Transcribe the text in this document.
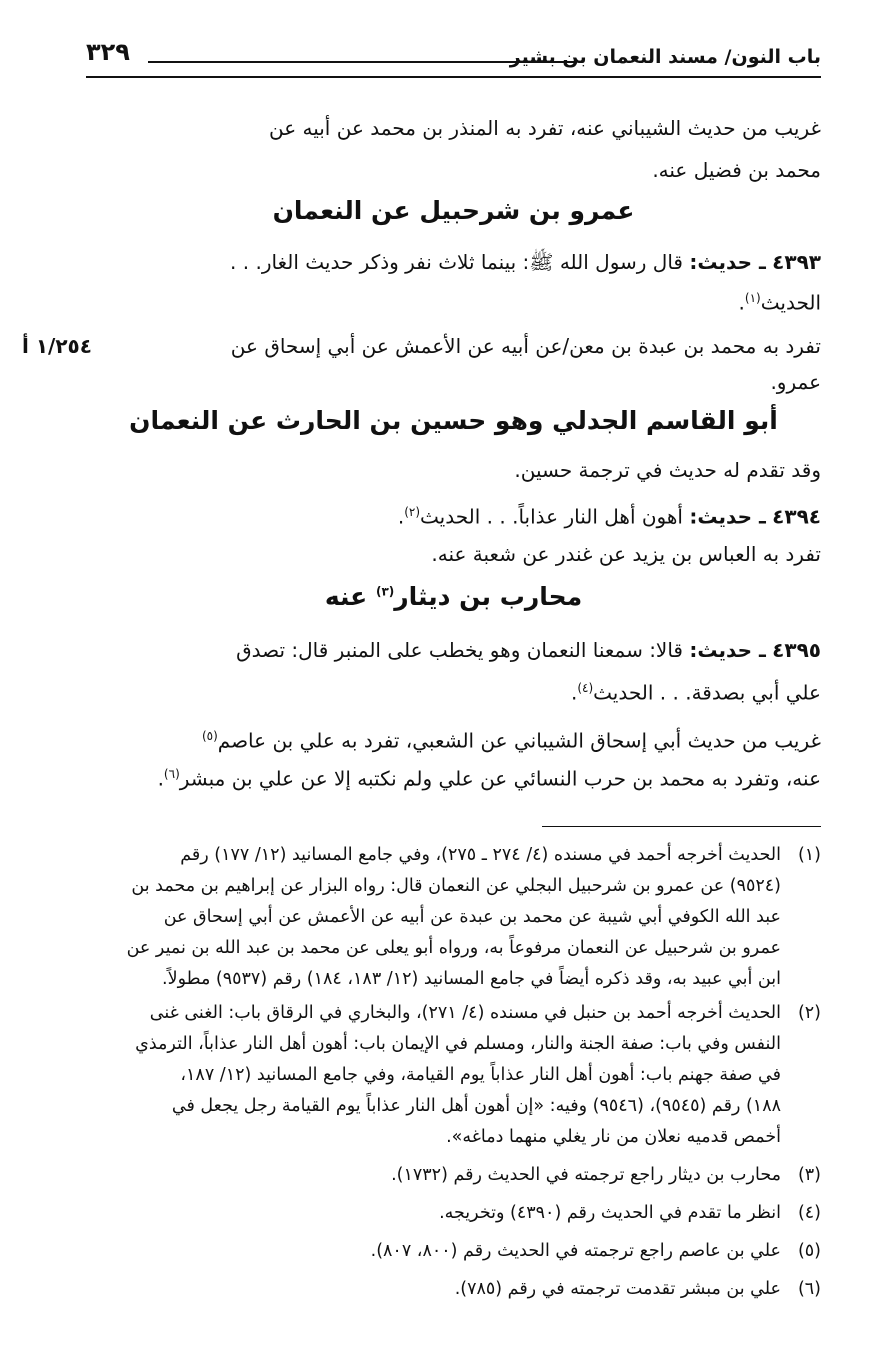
باب النون/ مسند النعمان بن بشير
٣٢٩
غريب من حديث الشيباني عنه، تفرد به المنذر بن محمد عن أبيه عن
محمد بن فضيل عنه.
عمرو بن شرحبيل عن النعمان
٤٣٩٣ ـ حديث: قال رسول الله ﷺ: بينما ثلاث نفر وذكر حديث الغار. . .
الحديث$^{(١)}$.
تفرد به محمد بن عبدة بن معن/عن أبيه عن الأعمش عن أبي إسحاق عن
١/٢٥٤ أ
عمرو.
أبو القاسم الجدلي وهو حسين بن الحارث عن النعمان
وقد تقدم له حديث في ترجمة حسين.
٤٣٩٤ ـ حديث: أهون أهل النار عذاباً. . . الحديث$^{(٢)}$.
تفرد به العباس بن يزيد عن غندر عن شعبة عنه.
محارب بن ديثار$^{(٣)}$ عنه
٤٣٩٥ ـ حديث: قالا: سمعنا النعمان وهو يخطب على المنبر قال: تصدق
علي أبي بصدقة. . . الحديث$^{(٤)}$.
غريب من حديث أبي إسحاق الشيباني عن الشعبي، تفرد به علي بن عاصم$^{(٥)}$
عنه، وتفرد به محمد بن حرب النسائي عن علي ولم نكتبه إلا عن علي بن مبشر$^{(٦)}$.
(١)
الحديث أخرجه أحمد في مسنده (٤/ ٢٧٤ ـ ٢٧٥)، وفي جامع المسانيد (١٢/ ١٧٧) رقم
(٩٥٢٤) عن عمرو بن شرحبيل البجلي عن النعمان قال: رواه البزار عن إبراهيم بن محمد بن
عبد الله الكوفي أبي شيبة عن محمد بن عبدة عن أبيه عن الأعمش عن أبي إسحاق عن
عمرو بن شرحبيل عن النعمان مرفوعاً به، ورواه أبو يعلى عن محمد بن عبد الله بن نمير عن
ابن أبي عبيد به، وقد ذكره أيضاً في جامع المسانيد (١٢/ ١٨٣، ١٨٤) رقم (٩٥٣٧) مطولاً.
(٢)
الحديث أخرجه أحمد بن حنبل في مسنده (٤/ ٢٧١)، والبخاري في الرقاق باب: الغنى غنى
النفس وفي باب: صفة الجنة والنار، ومسلم في الإيمان باب: أهون أهل النار عذاباً، الترمذي
في صفة جهنم باب: أهون أهل النار عذاباً يوم القيامة، وفي جامع المسانيد (١٢/ ١٨٧،
١٨٨) رقم (٩٥٤٥)، (٩٥٤٦) وفيه: «إن أهون أهل النار عذاباً يوم القيامة رجل يجعل في
أخمص قدميه نعلان من نار يغلي منهما دماغه».
(٣)
محارب بن ديثار راجع ترجمته في الحديث رقم (١٧٣٢).
(٤)
انظر ما تقدم في الحديث رقم (٤٣٩٠) وتخريجه.
(٥)
علي بن عاصم راجع ترجمته في الحديث رقم (٨٠٠، ٨٠٧).
(٦)
علي بن مبشر تقدمت ترجمته في رقم (٧٨٥).
